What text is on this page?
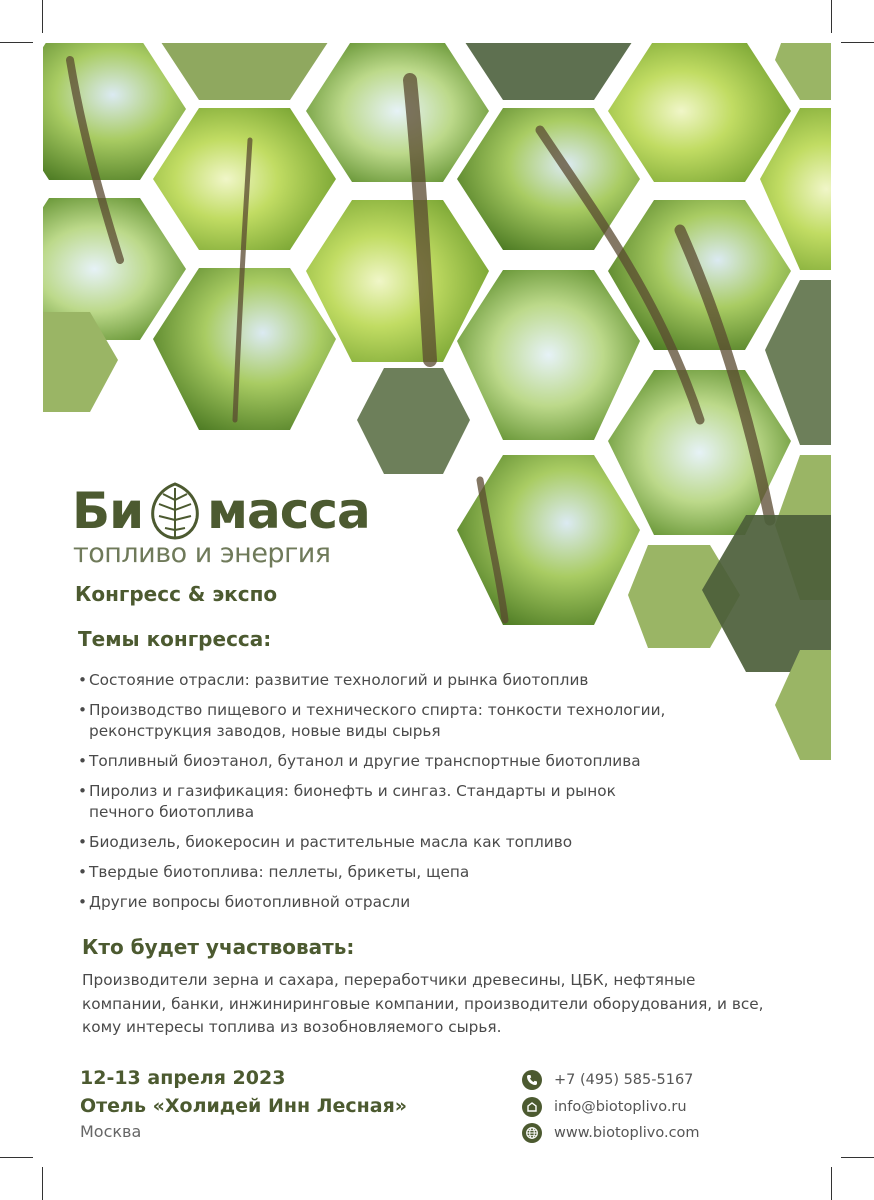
Би масса
топливо и энергия
Конгресс & экспо
Темы конгресса:
• Состояние отрасли: развитие технологий и рынка биотоплив
• Производство пищевого и технического спирта: тонкости технологии,
реконструкция заводов, новые виды сырья
• Топливный биоэтанол, бутанол и другие транспортные биотоплива
• Пиролиз и газификация: бионефть и сингаз. Стандарты и рынок
печного биотоплива
• Биодизель, биокеросин и растительные масла как топливо
• Твердые биотоплива: пеллеты, брикеты, щепа
• Другие вопросы биотопливной отрасли
Кто будет участвовать:
Производители зерна и сахара, переработчики древесины, ЦБК, нефтяные
компании, банки, инжиниринговые компании, производители оборудования, и все,
кому интересы топлива из возобновляемого сырья.
12-13 апреля 2023
Отель «Холидей Инн Лесная»
Москва
+7 (495) 585-5167
info@biotoplivo.ru
www.biotoplivo.com
